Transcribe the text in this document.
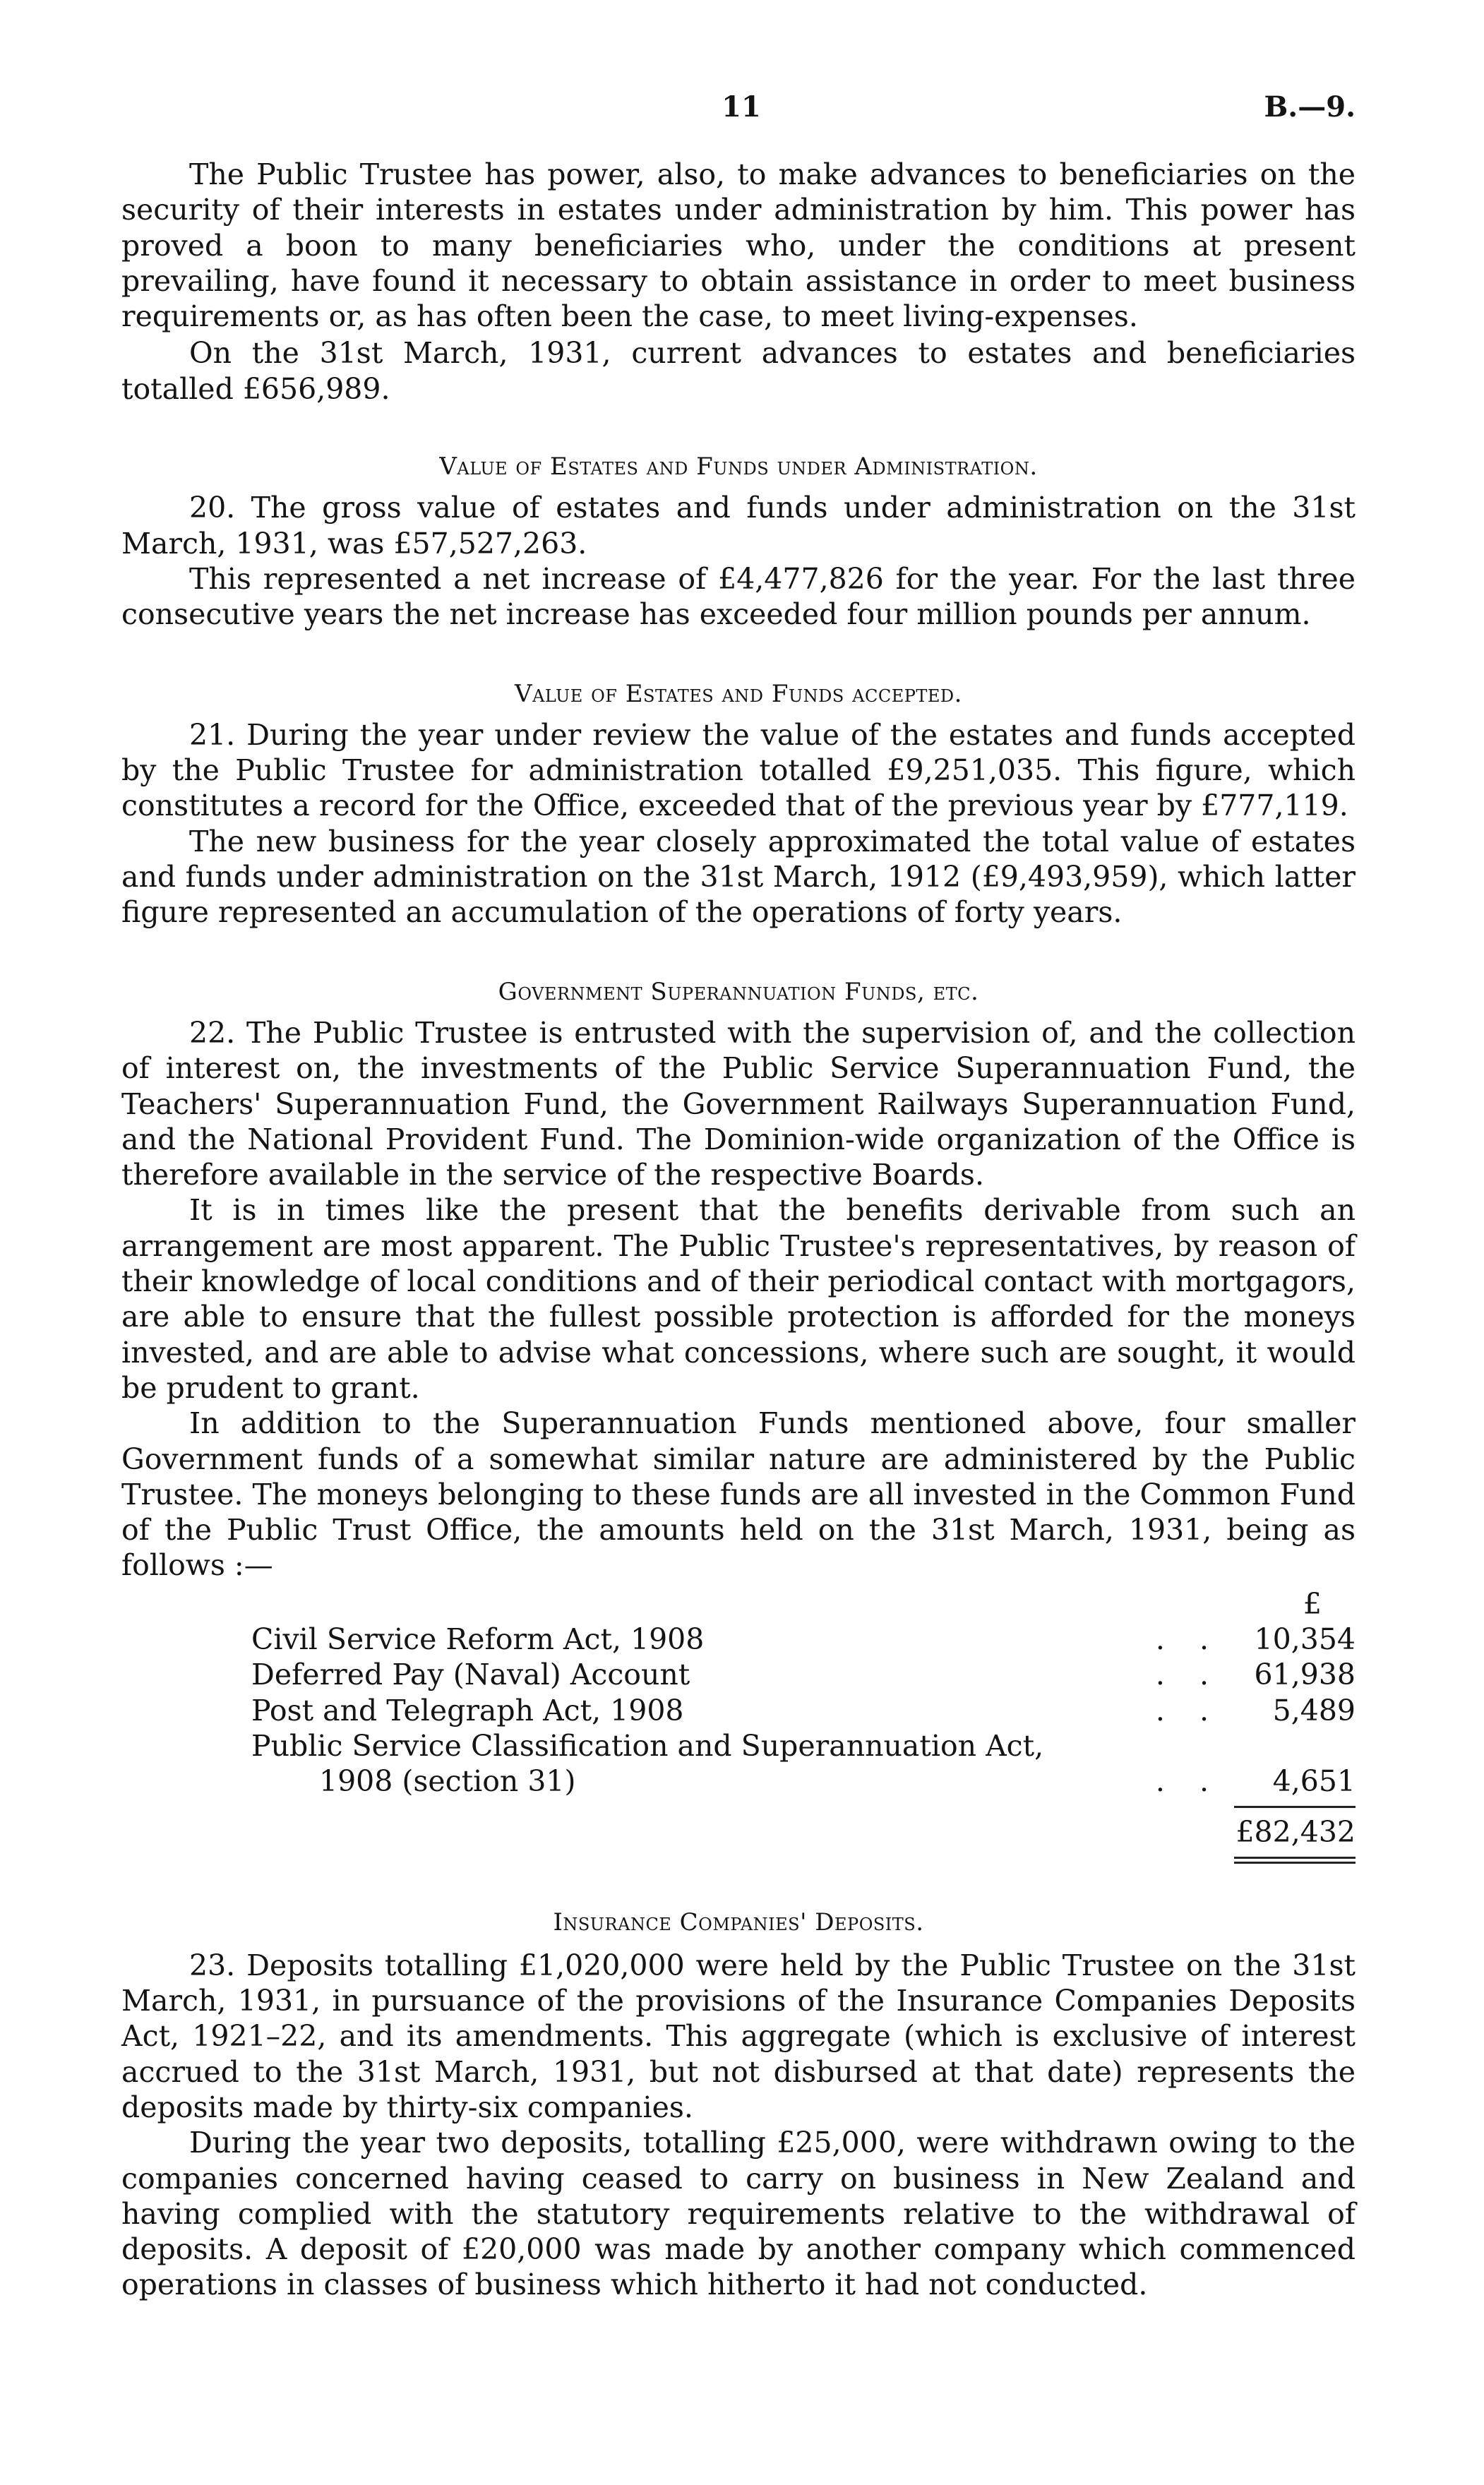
11	B.—9.

The Public Trustee has power, also, to make advances to beneficiaries on the security of their interests in estates under administration by him. This power has proved a boon to many beneficiaries who, under the conditions at present prevailing, have found it necessary to obtain assistance in order to meet business requirements or, as has often been the case, to meet living-expenses.

On the 31st March, 1931, current advances to estates and beneficiaries totalled £656,989.

Value of Estates and Funds under Administration.

20. The gross value of estates and funds under administration on the 31st March, 1931, was £57,527,263.

This represented a net increase of £4,477,826 for the year. For the last three consecutive years the net increase has exceeded four million pounds per annum.

Value of Estates and Funds accepted.

21. During the year under review the value of the estates and funds accepted by the Public Trustee for administration totalled £9,251,035. This figure, which constitutes a record for the Office, exceeded that of the previous year by £777,119.

The new business for the year closely approximated the total value of estates and funds under administration on the 31st March, 1912 (£9,493,959), which latter figure represented an accumulation of the operations of forty years.

Government Superannuation Funds, etc.

22. The Public Trustee is entrusted with the supervision of, and the collection of interest on, the investments of the Public Service Superannuation Fund, the Teachers' Superannuation Fund, the Government Railways Superannuation Fund, and the National Provident Fund. The Dominion-wide organization of the Office is therefore available in the service of the respective Boards.

It is in times like the present that the benefits derivable from such an arrangement are most apparent. The Public Trustee's representatives, by reason of their knowledge of local conditions and of their periodical contact with mortgagors, are able to ensure that the fullest possible protection is afforded for the moneys invested, and are able to advise what concessions, where such are sought, it would be prudent to grant.

In addition to the Superannuation Funds mentioned above, four smaller Government funds of a somewhat similar nature are administered by the Public Trustee. The moneys belonging to these funds are all invested in the Common Fund of the Public Trust Office, the amounts held on the 31st March, 1931, being as follows :—

£
Civil Service Reform Act, 1908	. .	10,354
Deferred Pay (Naval) Account	. .	61,938
Post and Telegraph Act, 1908	. .	5,489
Public Service Classification and Superannuation Act,
1908 (section 31)	. .	4,651
£82,432
Insurance Companies' Deposits.

23. Deposits totalling £1,020,000 were held by the Public Trustee on the 31st March, 1931, in pursuance of the provisions of the Insurance Companies Deposits Act, 1921–22, and its amendments. This aggregate (which is exclusive of interest accrued to the 31st March, 1931, but not disbursed at that date) represents the deposits made by thirty-six companies.

During the year two deposits, totalling £25,000, were withdrawn owing to the companies concerned having ceased to carry on business in New Zealand and having complied with the statutory requirements relative to the withdrawal of deposits. A deposit of £20,000 was made by another company which commenced operations in classes of business which hitherto it had not conducted.
